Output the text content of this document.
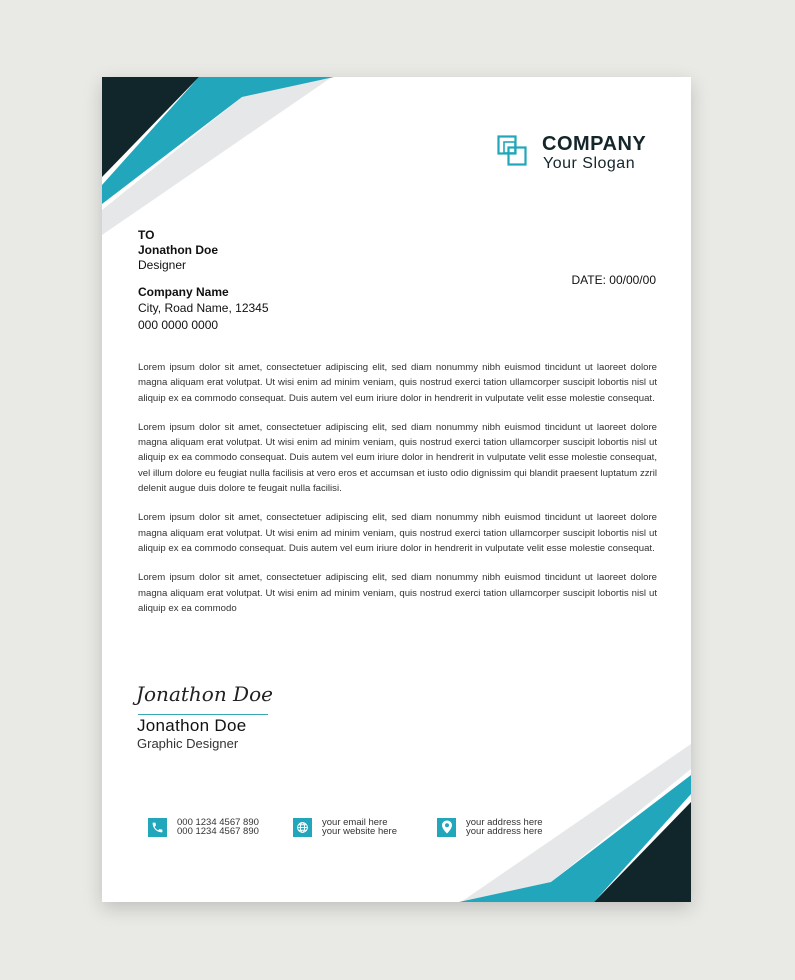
COMPANY
Your Slogan
TO
Jonathon Doe
Designer
DATE: 00/00/00
Company Name
City, Road Name, 12345
000 0000 0000

Lorem ipsum dolor sit amet, consectetuer adipiscing elit, sed diam nonummy nibh euismod tincidunt ut laoreet dolore magna aliquam erat volutpat. Ut wisi enim ad minim veniam, quis nostrud exerci tation ullamcorper suscipit lobortis nisl ut aliquip ex ea commodo consequat. Duis autem vel eum iriure dolor in hendrerit in vulputate velit esse molestie consequat.

Lorem ipsum dolor sit amet, consectetuer adipiscing elit, sed diam nonummy nibh euismod tincidunt ut laoreet dolore magna aliquam erat volutpat. Ut wisi enim ad minim veniam, quis nostrud exerci tation ullamcorper suscipit lobortis nisl ut aliquip ex ea commodo consequat. Duis autem vel eum iriure dolor in hendrerit in vulputate velit esse molestie consequat, vel illum dolore eu feugiat nulla facilisis at vero eros et accumsan et iusto odio dignissim qui blandit praesent luptatum zzril delenit augue duis dolore te feugait nulla facilisi.

Lorem ipsum dolor sit amet, consectetuer adipiscing elit, sed diam nonummy nibh euismod tincidunt ut laoreet dolore magna aliquam erat volutpat. Ut wisi enim ad minim veniam, quis nostrud exerci tation ullamcorper suscipit lobortis nisl ut aliquip ex ea commodo consequat. Duis autem vel eum iriure dolor in hendrerit in vulputate velit esse molestie consequat.

Lorem ipsum dolor sit amet, consectetuer adipiscing elit, sed diam nonummy nibh euismod tincidunt ut laoreet dolore magna aliquam erat volutpat. Ut wisi enim ad minim veniam, quis nostrud exerci tation ullamcorper suscipit lobortis nisl ut aliquip ex ea commodo

Jonathon Doe
Jonathon Doe
Graphic Designer
000 1234 4567 890
000 1234 4567 890
your email here
your website here
your address here
your address here
